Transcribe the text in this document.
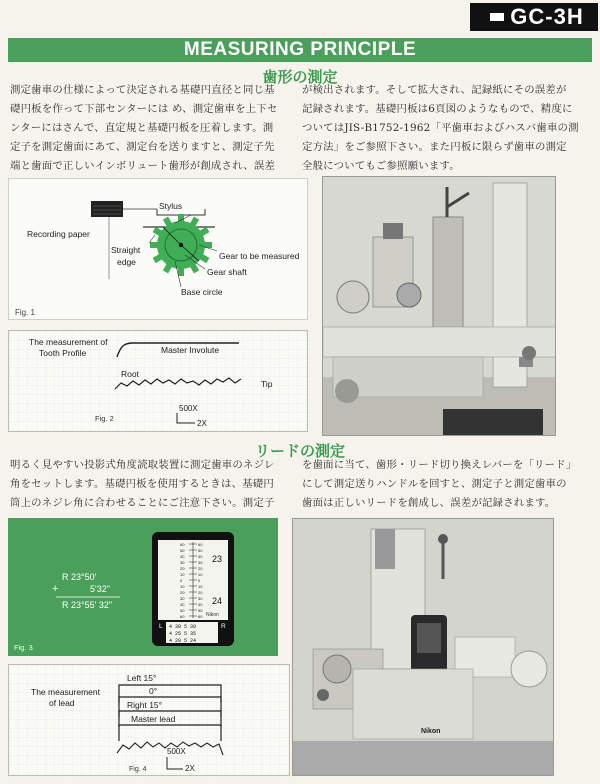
GC-3H
MEASURING PRINCIPLE
歯形の測定
測定歯車の仕様によって決定される基礎円直径と同じ基
礎円板を作って下部センターには め、測定歯車を上下セ
ンターにはさんで、直定規と基礎円板を圧着します。測
定子を測定歯面にあて、測定台を送りますと、測定子先
端と歯面で正しいインボリュート歯形が創成され、誤差
が検出されます。そして拡大され、記録紙にその誤差が
記録されます。基礎円板は6頁図のようなもので、精度に
ついてはJIS-B1752-1962「平歯車およびハスバ歯車の測
定方法」をご参照下さい。また円板に限らず歯車の測定
全般についてもご参照願います。
Stylus
Recording paper
Straight
edge
Gear to be measured
Gear shaft
Base circle
Fig. 1
The measurement of
Tooth Profile	Master Involute
Root
Tip
500X
2X
Fig. 2
リードの測定
明るく見やすい投影式角度読取装置に測定歯車のネジレ
角をセットします。基礎円板を使用するときは、基礎円
筒上のネジレ角に合わせることにご注意下さい。測定子
を歯面に当て、歯形・リード切り換えレバーを「リード」
にして測定送りハンドルを回すと、測定子と測定歯車の
歯面は正しいリードを創成し、誤差が記録されます。
R 23°50'
+	5'32"
R 23°55' 32"
Fig. 3
60
60
50
50
40
40
30
30
20
20
10
10
0
0
10
10
20
20
30
30
40
40
50
50
60
60
23
24
Nikon
L	R
4 30 5 30
4 25 5 35
4 20 5 24
The measurement
of lead
Left 15°
0°
Right 15°
Master lead
500X
2X
Fig. 4
Nikon
